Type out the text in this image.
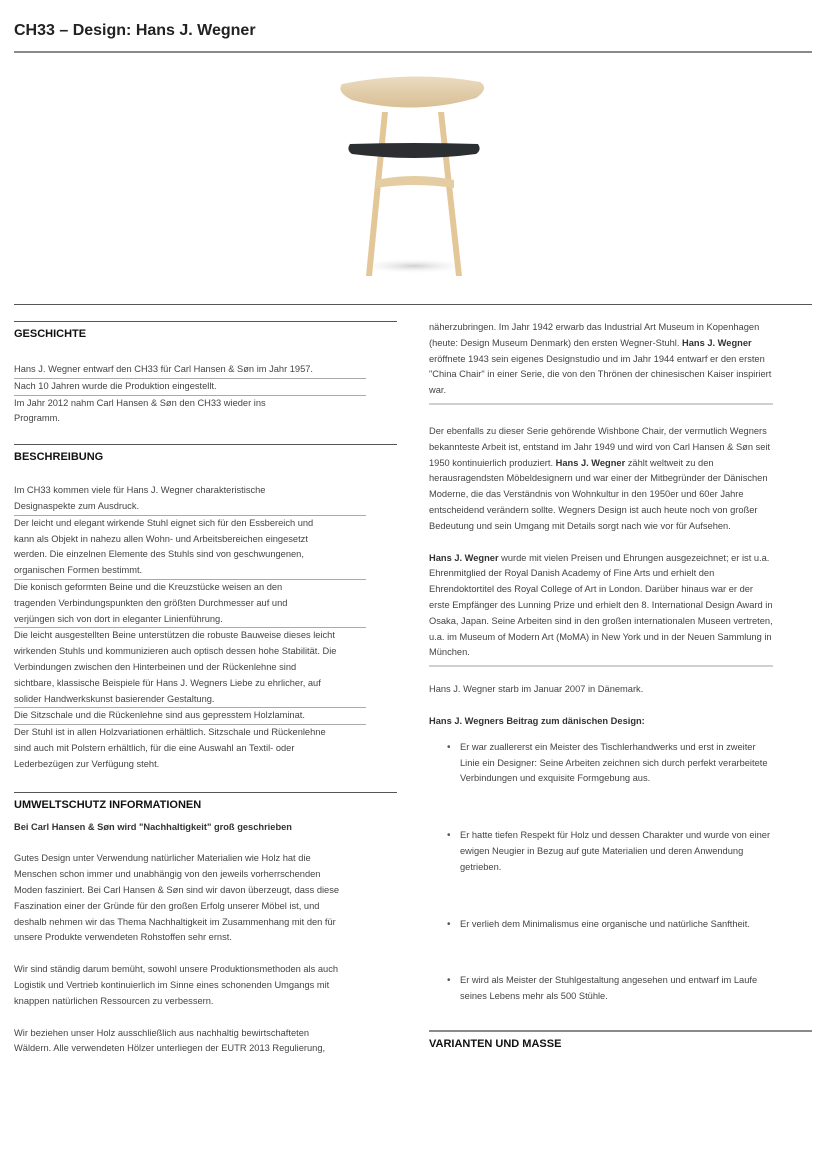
CH33 – Design: Hans J. Wegner
GESCHICHTE
Hans J. Wegner entwarf den CH33 für Carl Hansen & Søn im Jahr 1957.
Nach 10 Jahren wurde die Produktion eingestellt.
Im Jahr 2012 nahm Carl Hansen & Søn den CH33 wieder ins Programm.
BESCHREIBUNG
Im CH33 kommen viele für Hans J. Wegner charakteristische Designaspekte zum Ausdruck.
Der leicht und elegant wirkende Stuhl eignet sich für den Essbereich und kann als Objekt in nahezu allen Wohn- und Arbeitsbereichen eingesetzt werden. Die einzelnen Elemente des Stuhls sind von geschwungenen, organischen Formen bestimmt.
Die konisch geformten Beine und die Kreuzstücke weisen an den tragenden Verbindungspunkten den größten Durchmesser auf und verjüngen sich von dort in eleganter Linienführung.
Die leicht ausgestellten Beine unterstützen die robuste Bauweise dieses leicht wirkenden Stuhls und kommunizieren auch optisch dessen hohe Stabilität. Die Verbindungen zwischen den Hinterbeinen und der Rückenlehne sind sichtbare, klassische Beispiele für Hans J. Wegners Liebe zu ehrlicher, auf solider Handwerkskunst basierender Gestaltung.
Die Sitzschale und die Rückenlehne sind aus gepresstem Holzlaminat.
Der Stuhl ist in allen Holzvariationen erhältlich. Sitzschale und Rückenlehne sind auch mit Polstern erhältlich, für die eine Auswahl an Textil- oder Lederbezügen zur Verfügung steht.
UMWELTSCHUTZ INFORMATIONEN

Bei Carl Hansen & Søn wird "Nachhaltigkeit" groß geschrieben

Gutes Design unter Verwendung natürlicher Materialien wie Holz hat die Menschen schon immer und unabhängig von den jeweils vorherrschenden Moden fasziniert. Bei Carl Hansen & Søn sind wir davon überzeugt, dass diese Faszination einer der Gründe für den großen Erfolg unserer Möbel ist, und deshalb nehmen wir das Thema Nachhaltigkeit im Zusammenhang mit den für unsere Produkte verwendeten Rohstoffen sehr ernst.

Wir sind ständig darum bemüht, sowohl unsere Produktionsmethoden als auch Logistik und Vertrieb kontinuierlich im Sinne eines schonenden Umgangs mit knappen natürlichen Ressourcen zu verbessern.

Wir beziehen unser Holz ausschließlich aus nachhaltig bewirtschafteten Wäldern. Alle verwendeten Hölzer unterliegen der EUTR 2013 Regulierung,

näherzubringen. Im Jahr 1942 erwarb das Industrial Art Museum in Kopenhagen (heute: Design Museum Denmark) den ersten Wegner-Stuhl. Hans J. Wegner eröffnete 1943 sein eigenes Designstudio und im Jahr 1944 entwarf er den ersten "China Chair" in einer Serie, die von den Thrönen der chinesischen Kaiser inspiriert war.

Der ebenfalls zu dieser Serie gehörende Wishbone Chair, der vermutlich Wegners bekannteste Arbeit ist, entstand im Jahr 1949 und wird von Carl Hansen & Søn seit 1950 kontinuierlich produziert. Hans J. Wegner zählt weltweit zu den herausragendsten Möbeldesignern und war einer der Mitbegründer der Dänischen Moderne, die das Verständnis von Wohnkultur in den 1950er und 60er Jahre entscheidend verändern sollte. Wegners Design ist auch heute noch von großer Bedeutung und sein Umgang mit Details sorgt nach wie vor für Aufsehen.

Hans J. Wegner wurde mit vielen Preisen und Ehrungen ausgezeichnet; er ist u.a. Ehrenmitglied der Royal Danish Academy of Fine Arts und erhielt den Ehrendoktortitel des Royal College of Art in London. Darüber hinaus war er der erste Empfänger des Lunning Prize und erhielt den 8. International Design Award in Osaka, Japan. Seine Arbeiten sind in den großen internationalen Museen vertreten, u.a. im Museum of Modern Art (MoMA) in New York und in der Neuen Sammlung in München.

Hans J. Wegner starb im Januar 2007 in Dänemark.

Hans J. Wegners Beitrag zum dänischen Design:

• Er war zuallererst ein Meister des Tischlerhandwerks und erst in zweiter Linie ein Designer: Seine Arbeiten zeichnen sich durch perfekt verarbeitete Verbindungen und exquisite Formgebung aus.
• Er hatte tiefen Respekt für Holz und dessen Charakter und wurde von einer ewigen Neugier in Bezug auf gute Materialien und deren Anwendung getrieben.
• Er verlieh dem Minimalismus eine organische und natürliche Sanftheit.
• Er wird als Meister der Stuhlgestaltung angesehen und entwarf im Laufe seines Lebens mehr als 500 Stühle.
VARIANTEN UND MASSE
